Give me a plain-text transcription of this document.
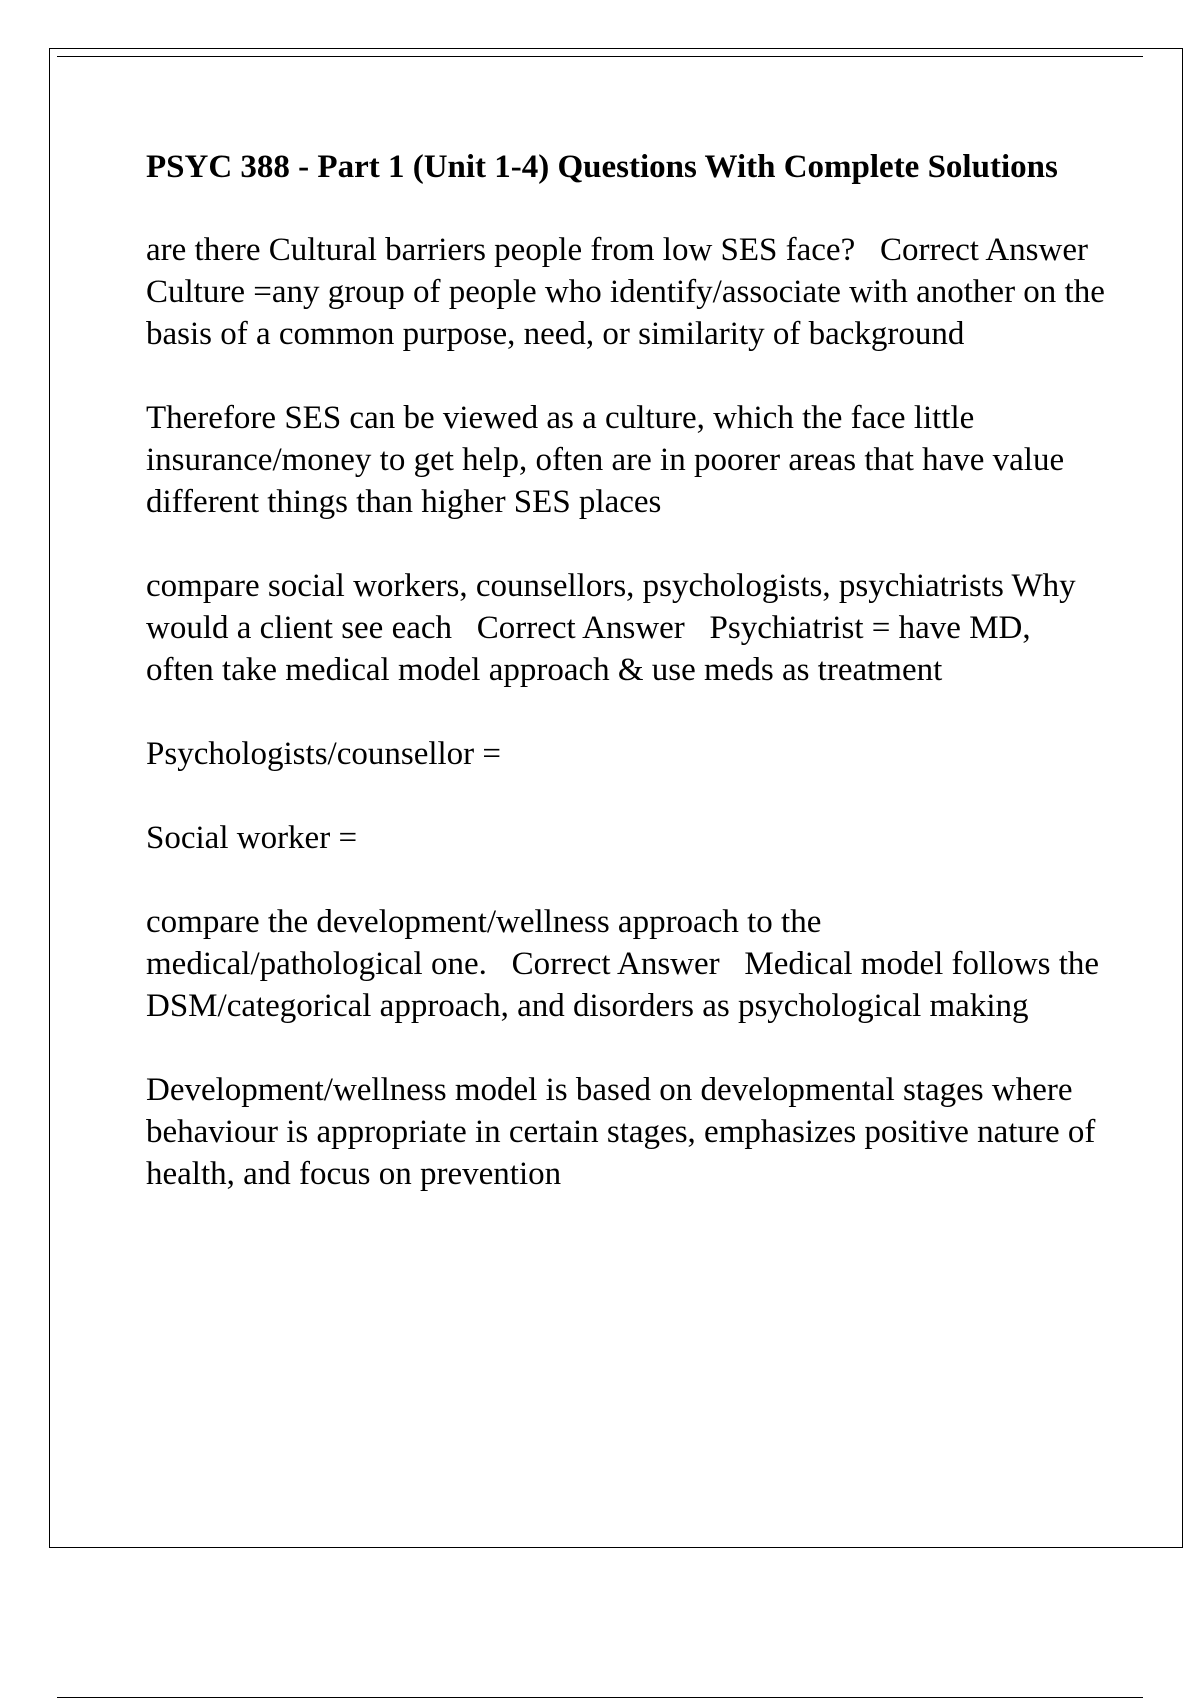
PSYC 388 - Part 1 (Unit 1-4) Questions With Complete Solutions

are there Cultural barriers people from low SES face?   Correct Answer   Culture =any group of people who identify/associate with another on the basis of a common purpose, need, or similarity of background

Therefore SES can be viewed as a culture, which the face little insurance/money to get help, often are in poorer areas that have value different things than higher SES places

compare social workers, counsellors, psychologists, psychiatrists Why would a client see each   Correct Answer   Psychiatrist = have MD, often take medical model approach & use meds as treatment

Psychologists/counsellor =

Social worker =

compare the development/wellness approach to the medical/pathological one.   Correct Answer   Medical model follows the DSM/categorical approach, and disorders as psychological making

Development/wellness model is based on developmental stages where behaviour is appropriate in certain stages, emphasizes positive nature of health, and focus on prevention
